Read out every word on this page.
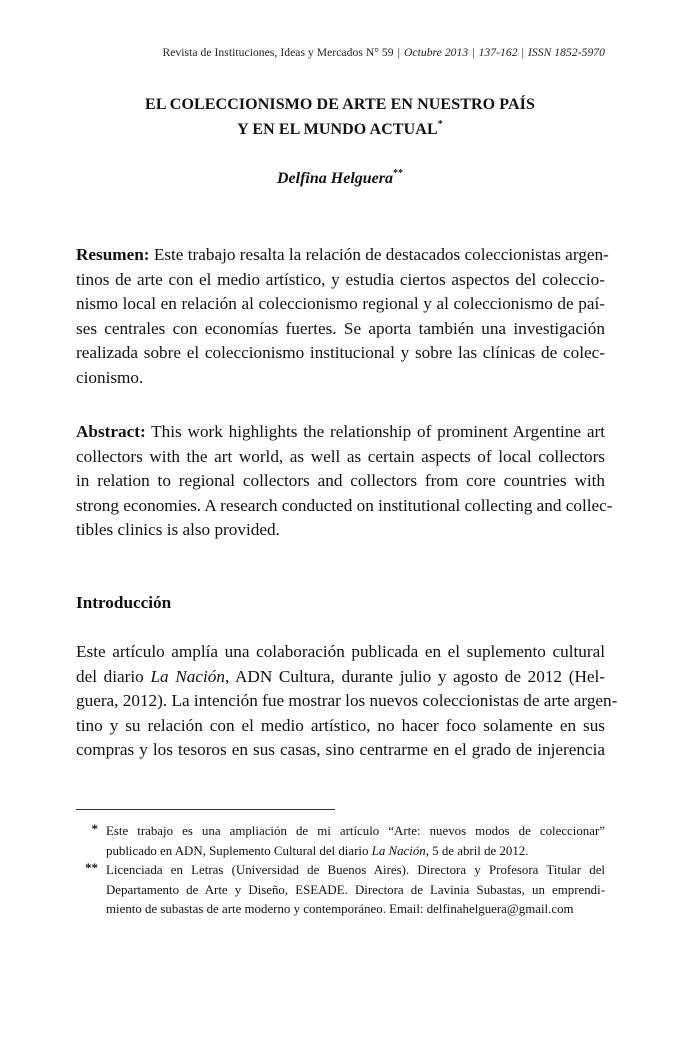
Revista de Instituciones, Ideas y Mercados N° 59 | Octubre 2013 | 137-162 | ISSN 1852-5970
EL COLECCIONISMO DE ARTE EN NUESTRO PAÍS
Y EN EL MUNDO ACTUAL*
Delfina Helguera**
Resumen: Este trabajo resalta la relación de destacados coleccionistas argen-
tinos de arte con el medio artístico, y estudia ciertos aspectos del coleccio-
nismo local en relación al coleccionismo regional y al coleccionismo de paí-
ses centrales con economías fuertes. Se aporta también una investigación
realizada sobre el coleccionismo institucional y sobre las clínicas de colec-
cionismo.
Abstract: This work highlights the relationship of prominent Argentine art
collectors with the art world, as well as certain aspects of local collectors
in relation to regional collectors and collectors from core countries with
strong economies. A research conducted on institutional collecting and collec-
tibles clinics is also provided.
Introducción
Este artículo amplía una colaboración publicada en el suplemento cultural
del diario La Nación, ADN Cultura, durante julio y agosto de 2012 (Hel-
guera, 2012). La intención fue mostrar los nuevos coleccionistas de arte argen-
tino y su relación con el medio artístico, no hacer foco solamente en sus
compras y los tesoros en sus casas, sino centrarme en el grado de injerencia
* Este trabajo es una ampliación de mi artículo “Arte: nuevos modos de coleccionar”
publicado en ADN, Suplemento Cultural del diario La Nación, 5 de abril de 2012.
** Licenciada en Letras (Universidad de Buenos Aires). Directora y Profesora Titular del
Departamento de Arte y Diseño, ESEADE. Directora de Lavinia Subastas, un emprendi-
miento de subastas de arte moderno y contemporáneo. Email: delfinahelguera@gmail.com
